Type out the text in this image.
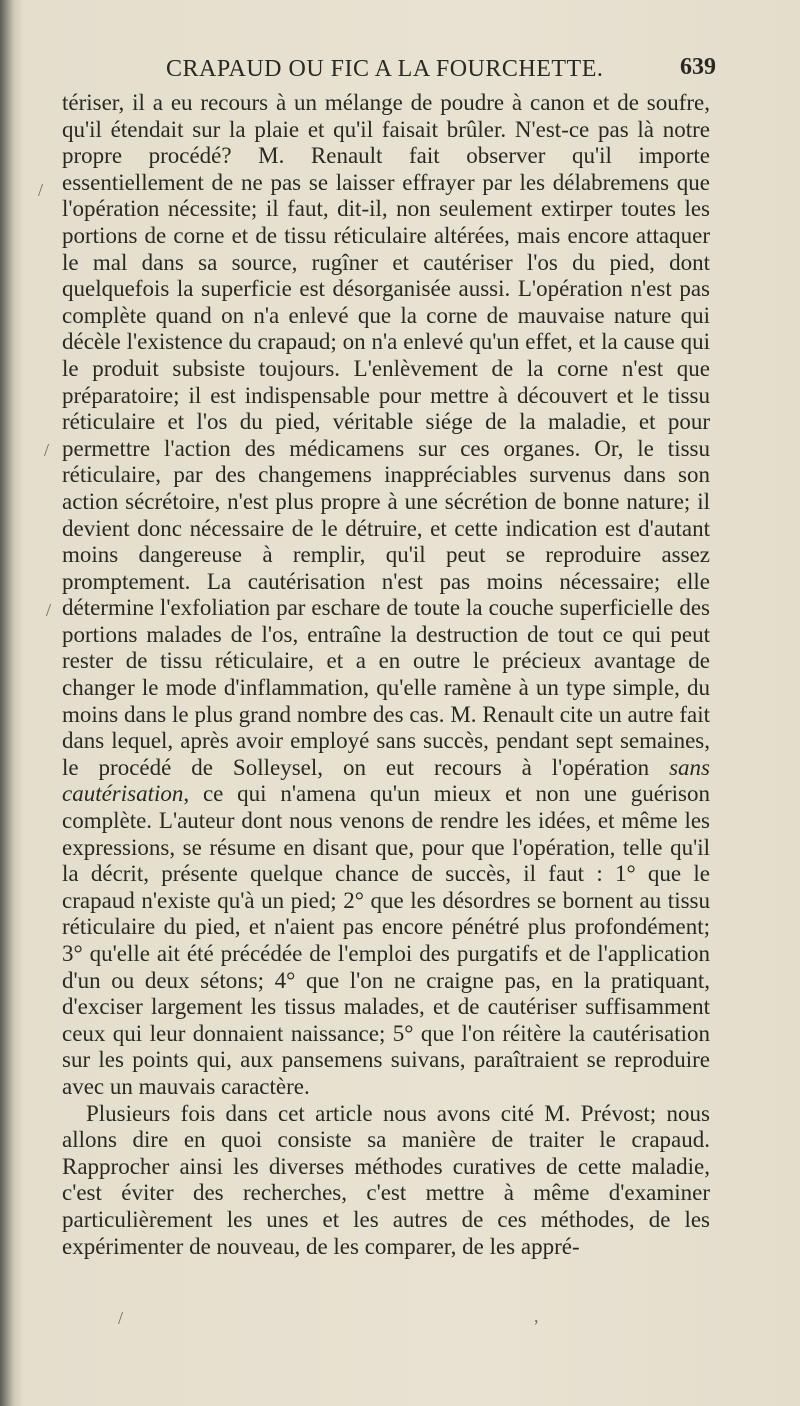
CRAPAUD OU FIC A LA FOURCHETTE.	639

tériser, il a eu recours à un mélange de poudre à canon et de soufre, qu'il étendait sur la plaie et qu'il faisait brûler. N'est-ce pas là notre propre procédé? M. Renault fait observer qu'il importe essentiellement de ne pas se laisser effrayer par les délabremens que l'opération nécessite; il faut, dit-il, non seulement extirper toutes les portions de corne et de tissu réticulaire altérées, mais encore attaquer le mal dans sa source, rugîner et cautériser l'os du pied, dont quelquefois la superficie est désorganisée aussi. L'opération n'est pas complète quand on n'a enlevé que la corne de mauvaise nature qui décèle l'existence du crapaud; on n'a enlevé qu'un effet, et la cause qui le produit subsiste toujours. L'enlèvement de la corne n'est que préparatoire; il est indispensable pour mettre à découvert et le tissu réticulaire et l'os du pied, véritable siége de la maladie, et pour permettre l'action des médicamens sur ces organes. Or, le tissu réticulaire, par des changemens inappréciables survenus dans son action sécrétoire, n'est plus propre à une sécrétion de bonne nature; il devient donc nécessaire de le détruire, et cette indication est d'autant moins dangereuse à remplir, qu'il peut se reproduire assez promptement. La cautérisation n'est pas moins nécessaire; elle détermine l'exfoliation par eschare de toute la couche superficielle des portions malades de l'os, entraîne la destruction de tout ce qui peut rester de tissu réticulaire, et a en outre le précieux avantage de changer le mode d'inflammation, qu'elle ramène à un type simple, du moins dans le plus grand nombre des cas. M. Renault cite un autre fait dans lequel, après avoir employé sans succès, pendant sept semaines, le procédé de Solleysel, on eut recours à l'opération sans cautérisation, ce qui n'amena qu'un mieux et non une guérison complète. L'auteur dont nous venons de rendre les idées, et même les expressions, se résume en disant que, pour que l'opération, telle qu'il la décrit, présente quelque chance de succès, il faut : 1° que le crapaud n'existe qu'à un pied; 2° que les désordres se bornent au tissu réticulaire du pied, et n'aient pas encore pénétré plus profondément; 3° qu'elle ait été précédée de l'emploi des purgatifs et de l'application d'un ou deux sétons; 4° que l'on ne craigne pas, en la pratiquant, d'exciser largement les tissus malades, et de cautériser suffisamment ceux qui leur donnaient naissance; 5° que l'on réitère la cautérisation sur les points qui, aux pansemens suivans, paraîtraient se reproduire avec un mauvais caractère.

Plusieurs fois dans cet article nous avons cité M. Prévost; nous allons dire en quoi consiste sa manière de traiter le crapaud. Rapprocher ainsi les diverses méthodes curatives de cette maladie, c'est éviter des recherches, c'est mettre à même d'examiner particulièrement les unes et les autres de ces méthodes, de les expérimenter de nouveau, de les comparer, de les appré-

/
/
/
/	,
